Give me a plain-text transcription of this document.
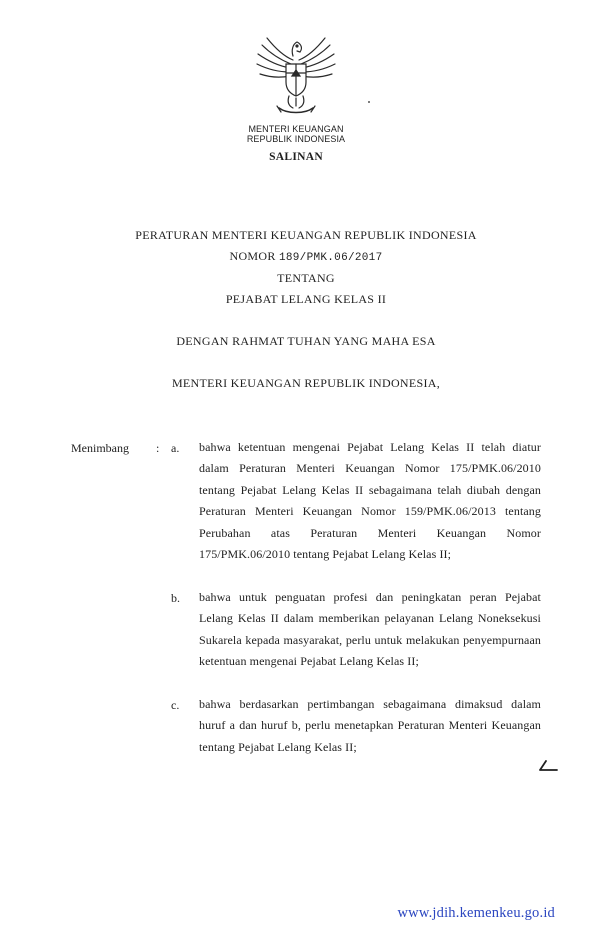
MENTERI KEUANGAN
REPUBLIK INDONESIA
SALINAN
PERATURAN MENTERI KEUANGAN REPUBLIK INDONESIA
NOMOR 189/PMK.06/2017
TENTANG
PEJABAT LELANG KELAS II
DENGAN RAHMAT TUHAN YANG MAHA ESA
MENTERI KEUANGAN REPUBLIK INDONESIA,
Menimbang : a. bahwa ketentuan mengenai Pejabat Lelang Kelas II telah diatur dalam Peraturan Menteri Keuangan Nomor 175/PMK.06/2010 tentang Pejabat Lelang Kelas II sebagaimana telah diubah dengan Peraturan Menteri Keuangan Nomor 159/PMK.06/2013 tentang Perubahan atas Peraturan Menteri Keuangan Nomor 175/PMK.06/2010 tentang Pejabat Lelang Kelas II;

b. bahwa untuk penguatan profesi dan peningkatan peran Pejabat Lelang Kelas II dalam memberikan pelayanan Lelang Noneksekusi Sukarela kepada masyarakat, perlu untuk melakukan penyempurnaan ketentuan mengenai Pejabat Lelang Kelas II;

c. bahwa berdasarkan pertimbangan sebagaimana dimaksud dalam huruf a dan huruf b, perlu menetapkan Peraturan Menteri Keuangan tentang Pejabat Lelang Kelas II;

www.jdih.kemenkeu.go.id
